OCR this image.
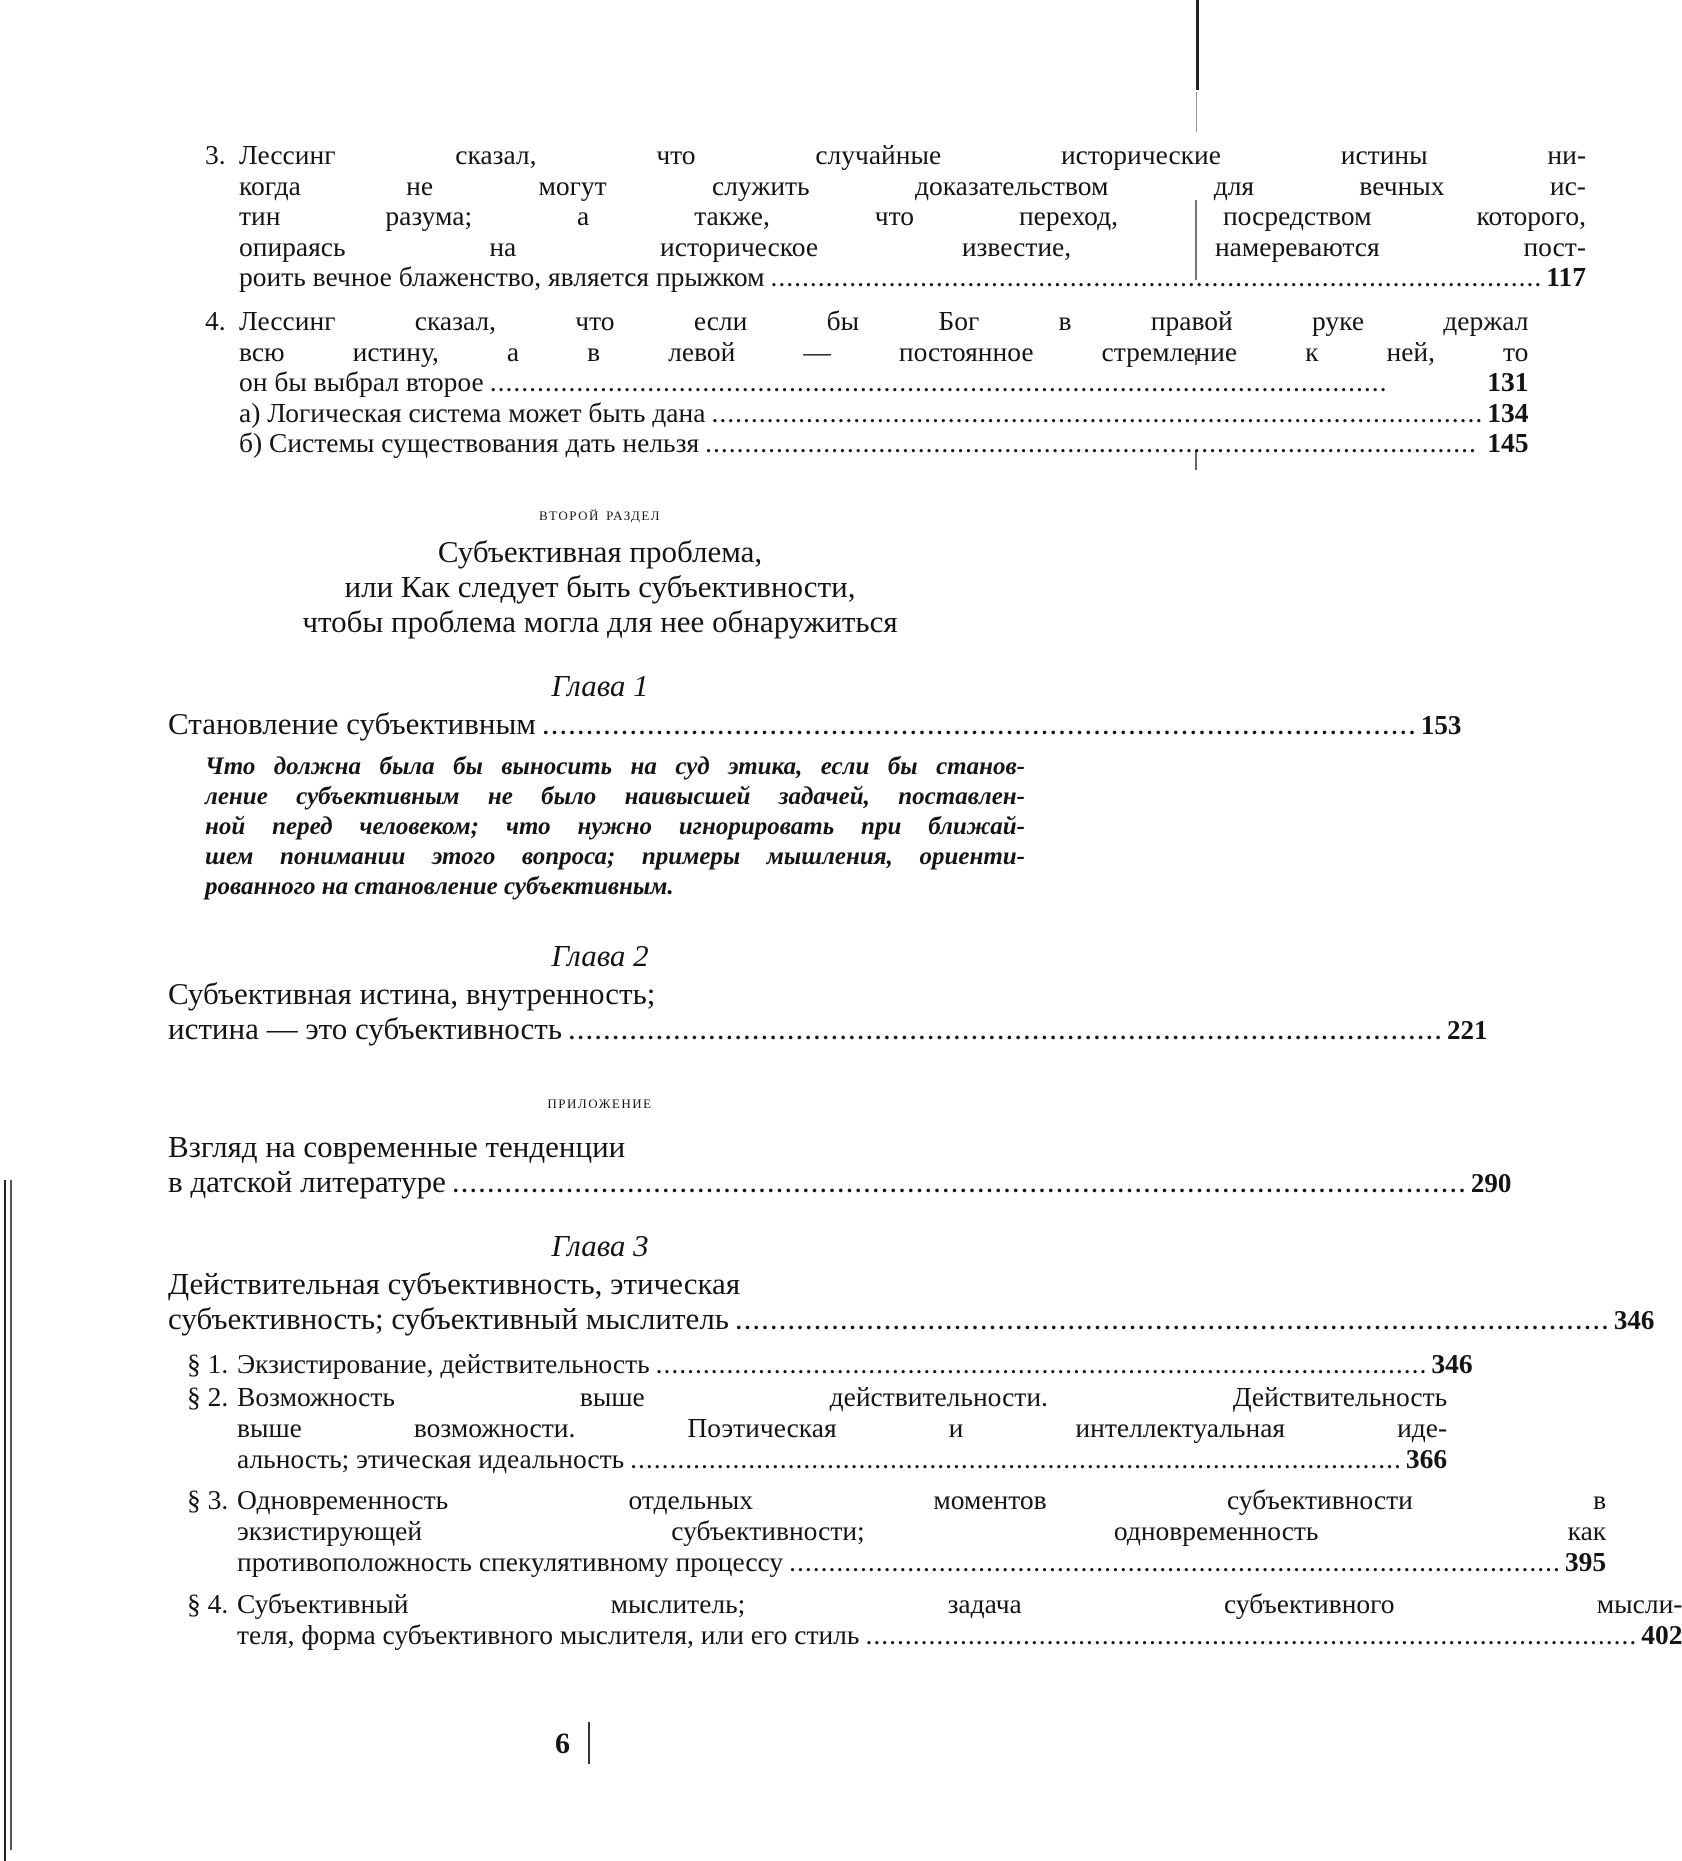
3. Лессинг сказал, что случайные исторические истины ни-
когда не могут служить доказательством для вечных ис-
тин разума; а также, что переход, посредством которого,
опираясь на историческое известие, намереваются пост-
роить вечное блаженство, является прыжком .................................................................................................. 117
4. Лессинг сказал, что если бы Бог в правой руке держал
всю истину, а в левой — постоянное стремление к ней, то
он бы выбрал второе ..................................................................................................................	131
а) Логическая система может быть дана .................................................................................................. 134
б) Системы существования дать нельзя .................................................................................................. 145
второй раздел
Субъективная проблема,
или Как следует быть субъективности,
чтобы проблема могла для нее обнаружиться
Глава 1
Становление субъективным .................................................................................................... 153
Что должна была бы выносить на суд этика, если бы станов-
ление субъективным не было наивысшей задачей, поставлен-
ной перед человеком; что нужно игнорировать при ближай-
шем понимании этого вопроса; примеры мышления, ориенти-
рованного на становление субъективным.
Глава 2
Субъективная истина, внутренность;
истина — это субъективность .................................................................................................... 221
приложение
Взгляд на современные тенденции
в датской литературе .................................................................................................................... 290
Глава 3
Действительная субъективность, этическая
субъективность; субъективный мыслитель .................................................................................................... 346
§ 1. Экзистирование, действительность .................................................................................................. 346
§ 2. Возможность выше действительности. Действительность
выше возможности. Поэтическая и интеллектуальная иде-
альность; этическая идеальность .................................................................................................. 366
§ 3. Одновременность отдельных моментов субъективности в
экзистирующей субъективности; одновременность как
противоположность спекулятивному процессу .................................................................................................. 395
§ 4. Субъективный мыслитель; задача субъективного мысли-
теля, форма субъективного мыслителя, или его стиль .................................................................................................. 402
6
